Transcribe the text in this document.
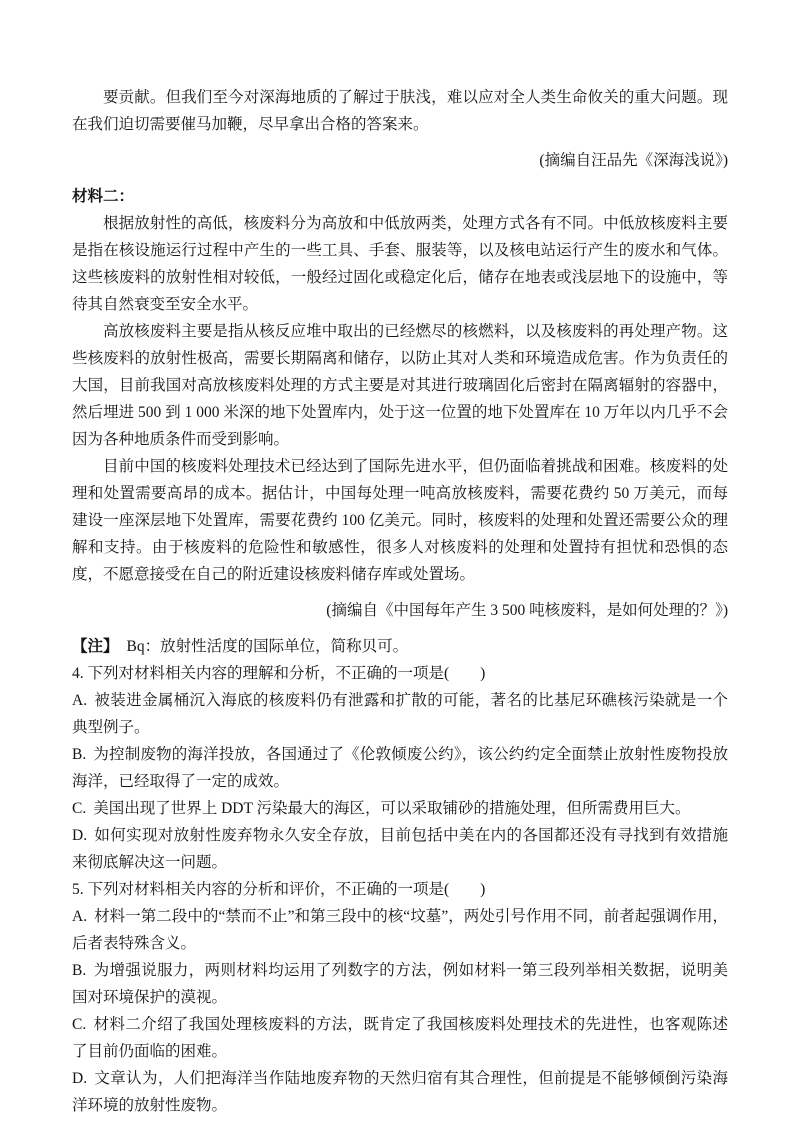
要贡献。但我们至今对深海地质的了解过于肤浅，难以应对全人类生命攸关的重大问题。现在我们迫切需要催马加鞭，尽早拿出合格的答案来。

(摘编自汪品先《深海浅说》)

材料二：

根据放射性的高低，核废料分为高放和中低放两类，处理方式各有不同。中低放核废料主要是指在核设施运行过程中产生的一些工具、手套、服装等，以及核电站运行产生的废水和气体。这些核废料的放射性相对较低，一般经过固化或稳定化后，储存在地表或浅层地下的设施中，等待其自然衰变至安全水平。

高放核废料主要是指从核反应堆中取出的已经燃尽的核燃料，以及核废料的再处理产物。这些核废料的放射性极高，需要长期隔离和储存，以防止其对人类和环境造成危害。作为负责任的大国，目前我国对高放核废料处理的方式主要是对其进行玻璃固化后密封在隔离辐射的容器中，然后埋进 500 到 1 000 米深的地下处置库内，处于这一位置的地下处置库在 10 万年以内几乎不会因为各种地质条件而受到影响。

目前中国的核废料处理技术已经达到了国际先进水平，但仍面临着挑战和困难。核废料的处理和处置需要高昂的成本。据估计，中国每处理一吨高放核废料，需要花费约 50 万美元，而每建设一座深层地下处置库，需要花费约 100 亿美元。同时，核废料的处理和处置还需要公众的理解和支持。由于核废料的危险性和敏感性，很多人对核废料的处理和处置持有担忧和恐惧的态度，不愿意接受在自己的附近建设核废料储存库或处置场。

(摘编自《中国每年产生 3 500 吨核废料，是如何处理的？》)

【注】 Bq：放射性活度的国际单位，简称贝可。

4. 下列对材料相关内容的理解和分析，不正确的一项是(　　)

A. 被装进金属桶沉入海底的核废料仍有泄露和扩散的可能，著名的比基尼环礁核污染就是一个典型例子。

B. 为控制废物的海洋投放，各国通过了《伦敦倾废公约》，该公约约定全面禁止放射性废物投放海洋，已经取得了一定的成效。

C. 美国出现了世界上 DDT 污染最大的海区，可以采取铺砂的措施处理，但所需费用巨大。

D. 如何实现对放射性废弃物永久安全存放，目前包括中美在内的各国都还没有寻找到有效措施来彻底解决这一问题。

5. 下列对材料相关内容的分析和评价，不正确的一项是(　　)

A. 材料一第二段中的“禁而不止”和第三段中的核“坟墓”，两处引号作用不同，前者起强调作用，后者表特殊含义。

B. 为增强说服力，两则材料均运用了列数字的方法，例如材料一第三段列举相关数据，说明美国对环境保护的漠视。

C. 材料二介绍了我国处理核废料的方法，既肯定了我国核废料处理技术的先进性，也客观陈述了目前仍面临的困难。

D. 文章认为，人们把海洋当作陆地废弃物的天然归宿有其合理性，但前提是不能够倾倒污染海洋环境的放射性废物。
